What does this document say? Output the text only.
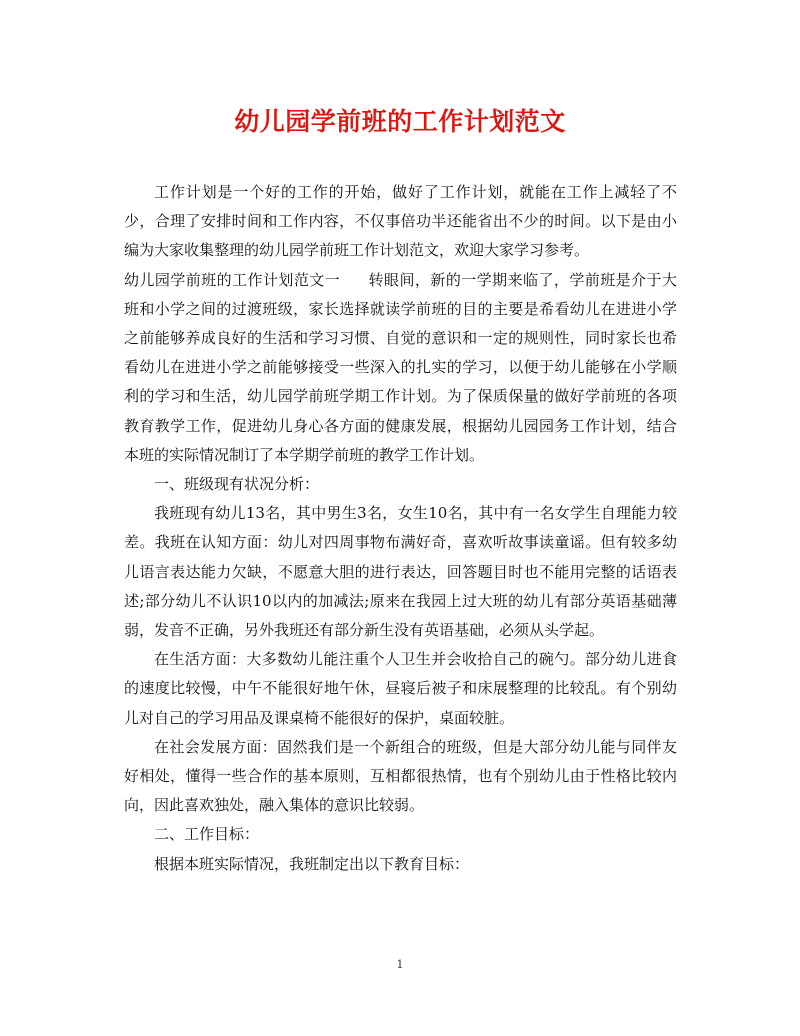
幼儿园学前班的工作计划范文

工作计划是一个好的工作的开始，做好了工作计划，就能在工作上减轻了不少，合理了安排时间和工作内容，不仅事倍功半还能省出不少的时间。以下是由小编为大家收集整理的幼儿园学前班工作计划范文，欢迎大家学习参考。

幼儿园学前班的工作计划范文一 转眼间，新的一学期来临了，学前班是介于大班和小学之间的过渡班级，家长选择就读学前班的目的主要是希看幼儿在进进小学之前能够养成良好的生活和学习习惯、自觉的意识和一定的规则性，同时家长也希看幼儿在进进小学之前能够接受一些深入的扎实的学习，以便于幼儿能够在小学顺利的学习和生活，幼儿园学前班学期工作计划。为了保质保量的做好学前班的各项教育教学工作，促进幼儿身心各方面的健康发展，根据幼儿园园务工作计划，结合本班的实际情况制订了本学期学前班的教学工作计划。

一、班级现有状况分析：

我班现有幼儿13名，其中男生3名，女生10名，其中有一名女学生自理能力较差。我班在认知方面：幼儿对四周事物布满好奇，喜欢听故事读童谣。但有较多幼儿语言表达能力欠缺，不愿意大胆的进行表达，回答题目时也不能用完整的话语表述;部分幼儿不认识10以内的加减法;原来在我园上过大班的幼儿有部分英语基础薄弱，发音不正确，另外我班还有部分新生没有英语基础，必须从头学起。

在生活方面：大多数幼儿能注重个人卫生并会收拾自己的碗勺。部分幼儿进食的速度比较慢，中午不能很好地午休，昼寝后被子和床展整理的比较乱。有个别幼儿对自己的学习用品及课桌椅不能很好的保护，桌面较脏。

在社会发展方面：固然我们是一个新组合的班级，但是大部分幼儿能与同伴友好相处，懂得一些合作的基本原则，互相都很热情，也有个别幼儿由于性格比较内向，因此喜欢独处，融入集体的意识比较弱。

二、工作目标：

根据本班实际情况，我班制定出以下教育目标：

1
